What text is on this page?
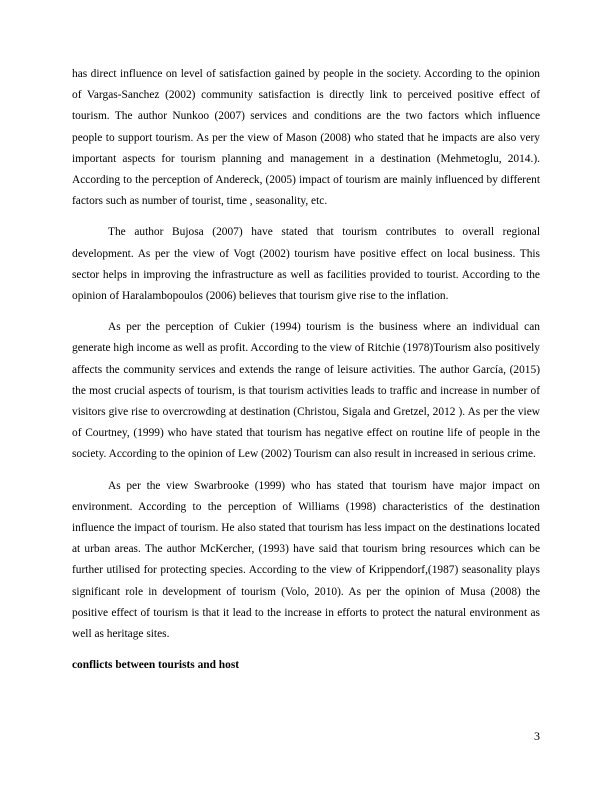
has direct influence on level of satisfaction gained by people in the society. According to the opinion of Vargas-Sanchez (2002) community satisfaction is directly link to perceived positive effect of tourism. The author Nunkoo (2007) services and conditions are the two factors which influence people to support tourism. As per the view of Mason (2008) who stated that he impacts are also very important aspects for tourism planning and management in a destination (Mehmetoglu, 2014.). According to the perception of Andereck, (2005) impact of tourism are mainly influenced by different factors such as number of tourist, time , seasonality, etc.

The author Bujosa (2007) have stated that tourism contributes to overall regional development. As per the view of Vogt (2002) tourism have positive effect on local business. This sector helps in improving the infrastructure as well as facilities provided to tourist. According to the opinion of Haralambopoulos (2006) believes that tourism give rise to the inflation.

As per the perception of Cukier (1994) tourism is the business where an individual can generate high income as well as profit. According to the view of Ritchie (1978)Tourism also positively affects the community services and extends the range of leisure activities. The author García, (2015) the most crucial aspects of tourism, is that tourism activities leads to traffic and increase in number of visitors give rise to overcrowding at destination (Christou, Sigala and Gretzel, 2012 ). As per the view of Courtney, (1999) who have stated that tourism has negative effect on routine life of people in the society. According to the opinion of Lew (2002) Tourism can also result in increased in serious crime.

As per the view Swarbrooke (1999) who has stated that tourism have major impact on environment. According to the perception of Williams (1998) characteristics of the destination influence the impact of tourism. He also stated that tourism has less impact on the destinations located at urban areas. The author McKercher, (1993) have said that tourism bring resources which can be further utilised for protecting species. According to the view of Krippendorf,(1987) seasonality plays significant role in development of tourism (Volo, 2010). As per the opinion of Musa (2008) the positive effect of tourism is that it lead to the increase in efforts to protect the natural environment as well as heritage sites.

conflicts between tourists and host

3
